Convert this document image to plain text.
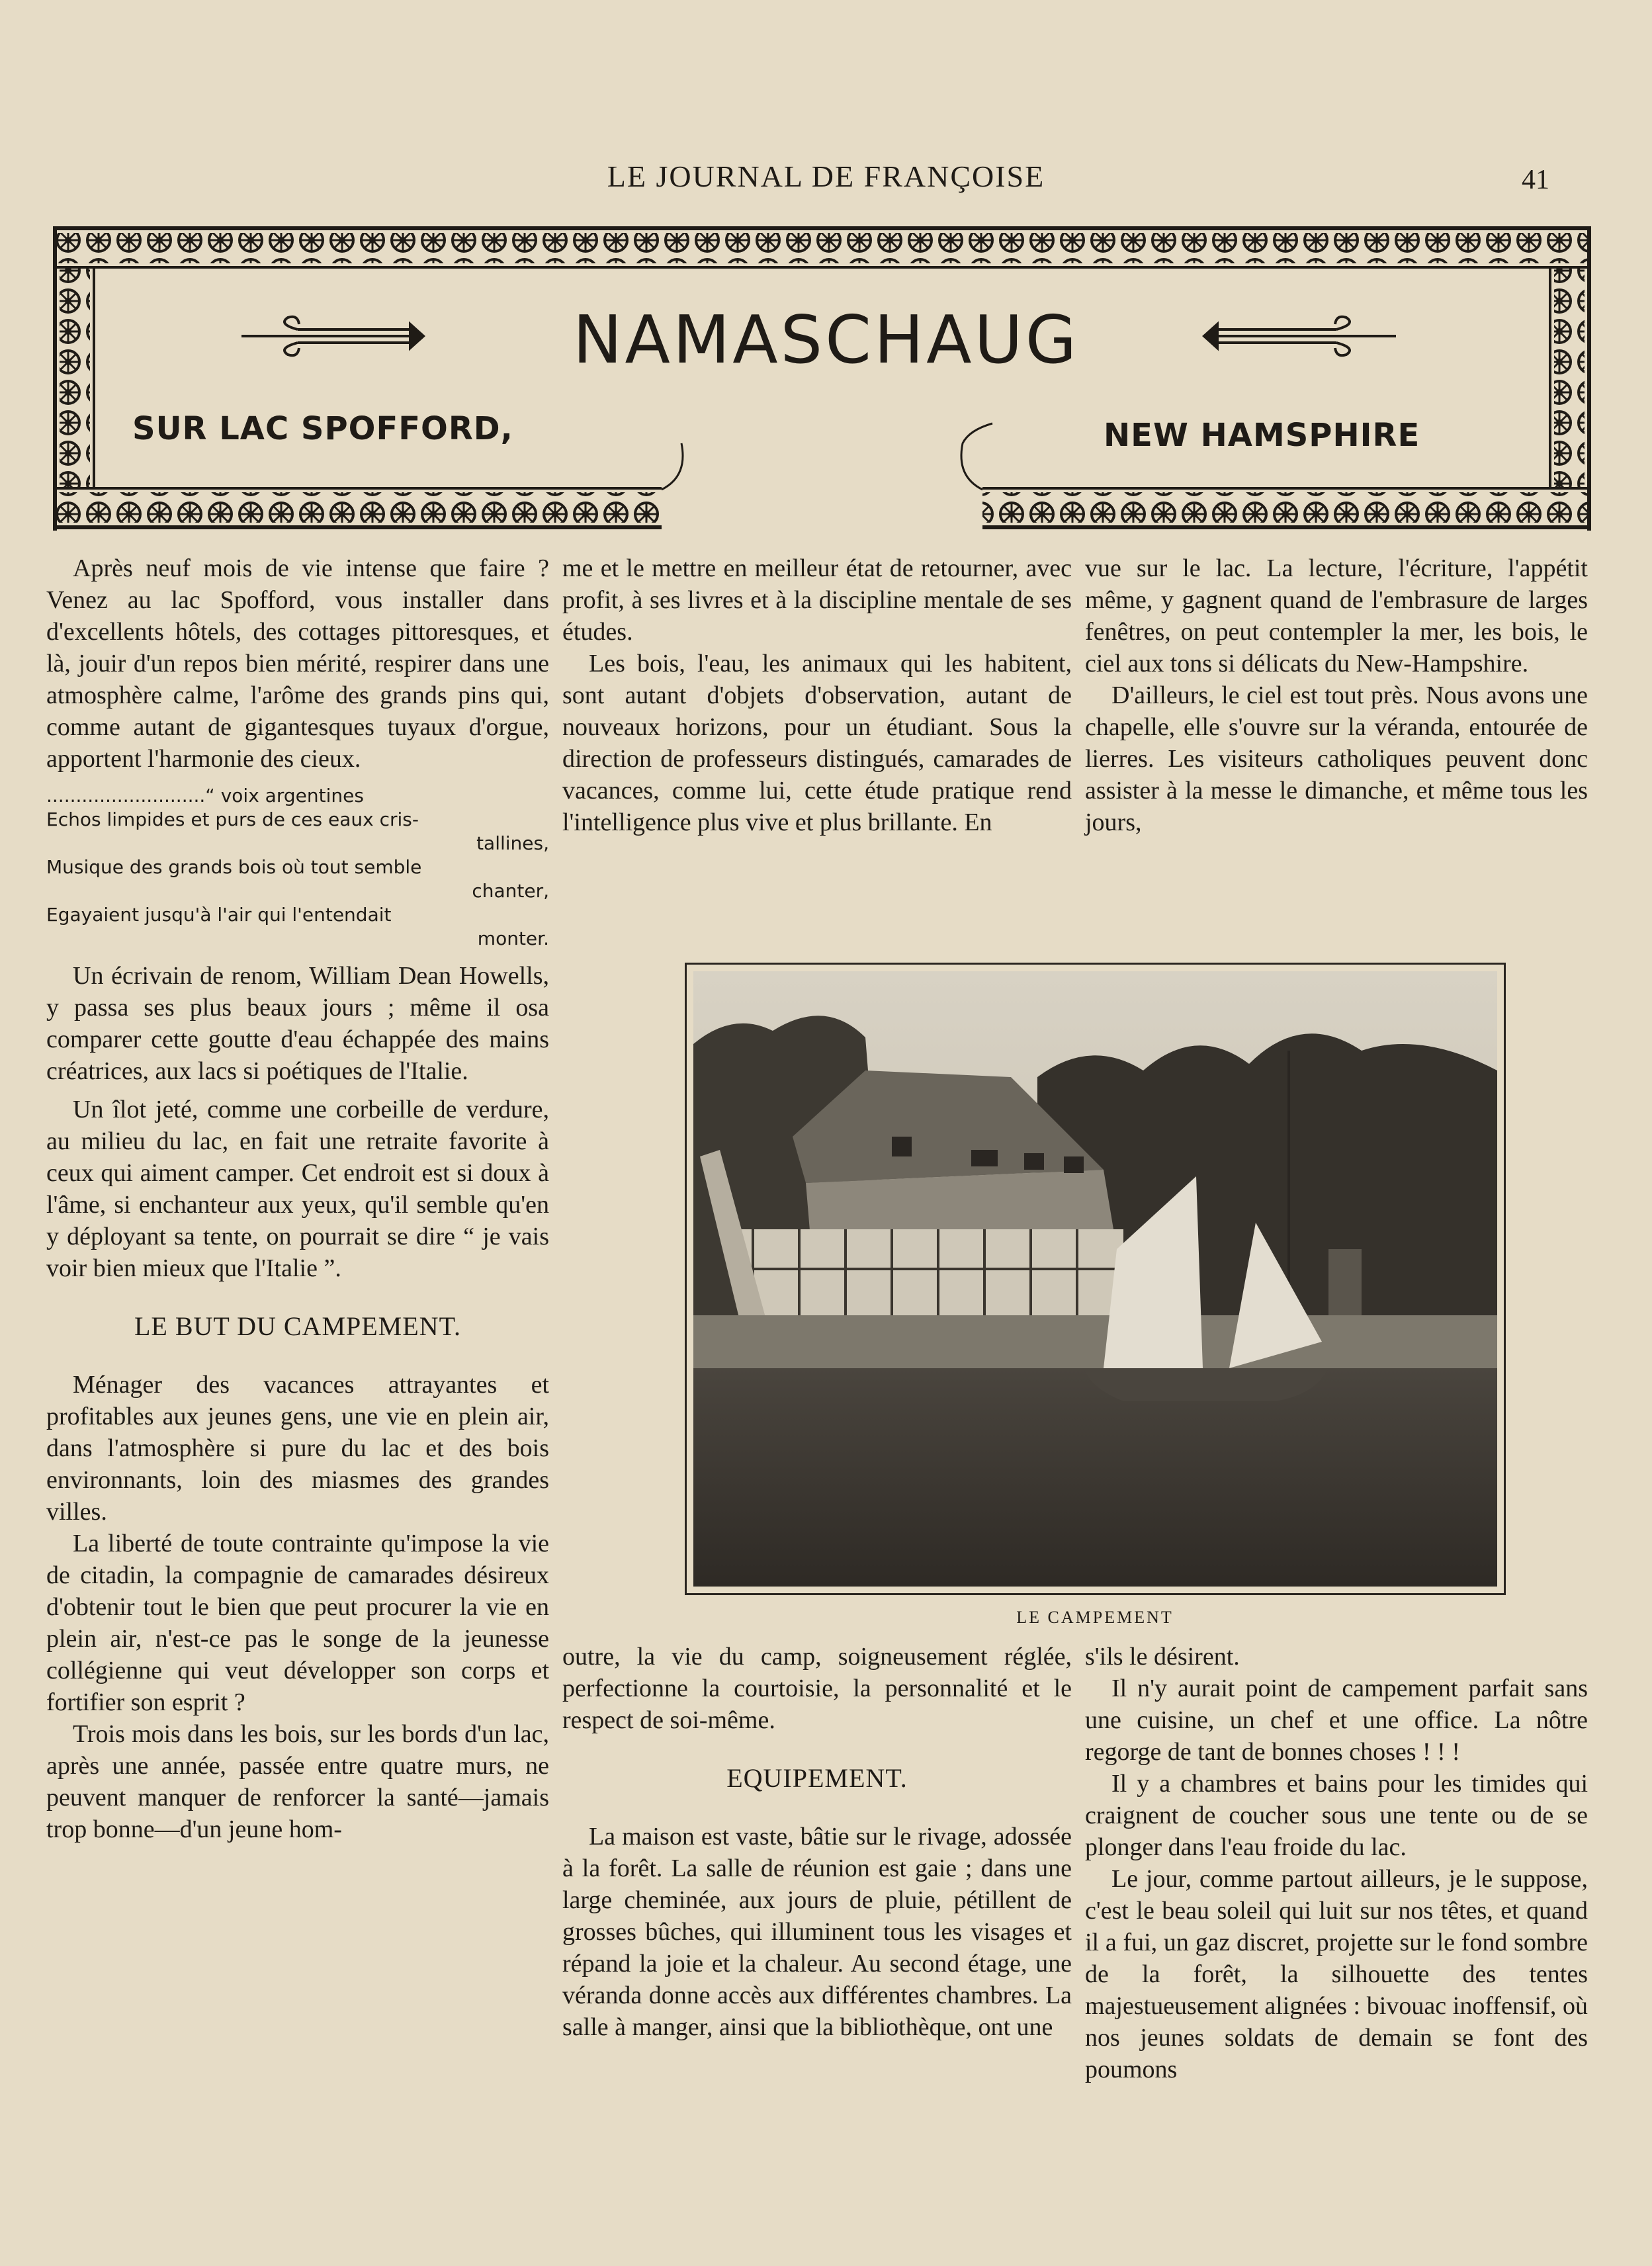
LE JOURNAL DE FRANÇOISE	41
NAMASCHAUG
SUR LAC SPOFFORD,	NEW HAMSPHIRE

Après neuf mois de vie intense que faire ? Venez au lac Spofford, vous installer dans d'excellents hôtels, des cottages pittoresques, et là, jouir d'un repos bien mérité, respirer dans une atmosphère calme, l'arôme des grands pins qui, comme autant de gigantesques tuyaux d'orgue, apportent l'harmonie des cieux.

...........................“ voix argentines
Echos limpides et purs de ces eaux cris-
tallines,
Musique des grands bois où tout semble
chanter,
Egayaient jusqu'à l'air qui l'entendait
monter.

Un écrivain de renom, William Dean Howells, y passa ses plus beaux jours ; même il osa comparer cette goutte d'eau échappée des mains créatrices, aux lacs si poétiques de l'Italie.

Un îlot jeté, comme une corbeille de verdure, au milieu du lac, en fait une retraite favorite à ceux qui aiment camper. Cet endroit est si doux à l'âme, si enchanteur aux yeux, qu'il semble qu'en y déployant sa tente, on pourrait se dire “ je vais voir bien mieux que l'Italie ”.

LE BUT DU CAMPEMENT.

Ménager des vacances attrayantes et profitables aux jeunes gens, une vie en plein air, dans l'atmosphère si pure du lac et des bois environnants, loin des miasmes des grandes villes.

La liberté de toute contrainte qu'impose la vie de citadin, la compagnie de camarades désireux d'obtenir tout le bien que peut procurer la vie en plein air, n'est-ce pas le songe de la jeunesse collégienne qui veut développer son corps et fortifier son esprit ?

Trois mois dans les bois, sur les bords d'un lac, après une année, passée entre quatre murs, ne peuvent manquer de renforcer la santé—jamais trop bonne—d'un jeune hom-

me et le mettre en meilleur état de retourner, avec profit, à ses livres et à la discipline mentale de ses études.

Les bois, l'eau, les animaux qui les habitent, sont autant d'objets d'observation, autant de nouveaux horizons, pour un étudiant. Sous la direction de professeurs distingués, camarades de vacances, comme lui, cette étude pratique rend l'intelligence plus vive et plus brillante. En

vue sur le lac. La lecture, l'écriture, l'appétit même, y gagnent quand de l'embrasure de larges fenêtres, on peut contempler la mer, les bois, le ciel aux tons si délicats du New-Hampshire.

D'ailleurs, le ciel est tout près. Nous avons une chapelle, elle s'ouvre sur la véranda, entourée de lierres. Les visiteurs catholiques peuvent donc assister à la messe le dimanche, et même tous les jours,

LE CAMPEMENT

outre, la vie du camp, soigneusement réglée, perfectionne la courtoisie, la personnalité et le respect de soi-même.

EQUIPEMENT.

La maison est vaste, bâtie sur le rivage, adossée à la forêt. La salle de réunion est gaie ; dans une large cheminée, aux jours de pluie, pétillent de grosses bûches, qui illuminent tous les visages et répand la joie et la chaleur. Au second étage, une véranda donne accès aux différentes chambres. La salle à manger, ainsi que la bibliothèque, ont une

s'ils le désirent.

Il n'y aurait point de campement parfait sans une cuisine, un chef et une office. La nôtre regorge de tant de bonnes choses ! ! !

Il y a chambres et bains pour les timides qui craignent de coucher sous une tente ou de se plonger dans l'eau froide du lac.

Le jour, comme partout ailleurs, je le suppose, c'est le beau soleil qui luit sur nos têtes, et quand il a fui, un gaz discret, projette sur le fond sombre de la forêt, la silhouette des tentes majestueusement alignées : bivouac inoffensif, où nos jeunes soldats de demain se font des poumons
